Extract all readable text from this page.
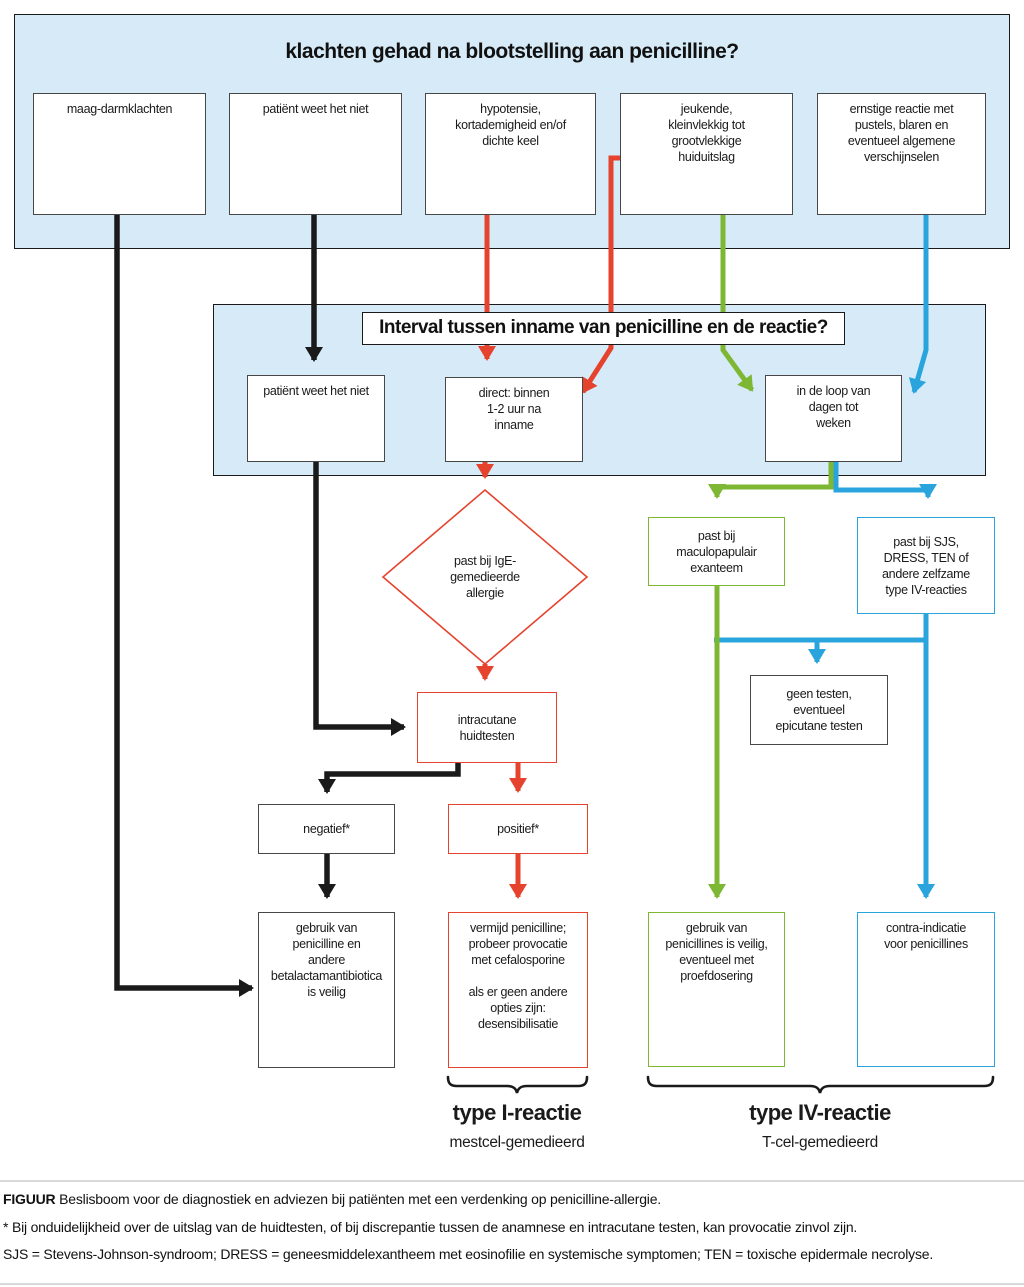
klachten gehad na blootstelling aan penicilline?
maag-darmklachten	patiënt weet het niet	hypotensie,
kortademigheid en/of
dichte keel
jeukende,
kleinvlekkig tot
grootvlekkige
huiduitslag
ernstige reactie met
pustels, blaren en
eventueel algemene
verschijnselen
Interval tussen inname van penicilline en de reactie?
patiënt weet het niet	direct: binnen
1-2 uur na
inname
in de loop van
dagen tot
weken
past bij IgE-
gemedieerde
allergie
intracutane
huidtesten
past bij
maculopapulair
exanteem
past bij SJS,
DRESS, TEN of
andere zelfzame
type IV-reacties
geen testen,
eventueel
epicutane testen
negatief*	positief*
gebruik van
penicilline en
andere
betalactamantibiotica
is veilig
vermijd penicilline;
probeer provocatie
met cefalosporine

als er geen andere
opties zijn:
desensibilisatie
gebruik van
penicillines is veilig,
eventueel met
proefdosering
contra-indicatie
voor penicillines
type I-reactie
mestcel-gemedieerd
type IV-reactie
T-cel-gemedieerd
FIGUUR Beslisboom voor de diagnostiek en adviezen bij patiënten met een verdenking op penicilline-allergie.
* Bij onduidelijkheid over de uitslag van de huidtesten, of bij discrepantie tussen de anamnese en intracutane testen, kan provocatie zinvol zijn.
SJS = Stevens-Johnson-syndroom; DRESS = geneesmiddelexantheem met eosinofilie en systemische symptomen; TEN = toxische epidermale necrolyse.
